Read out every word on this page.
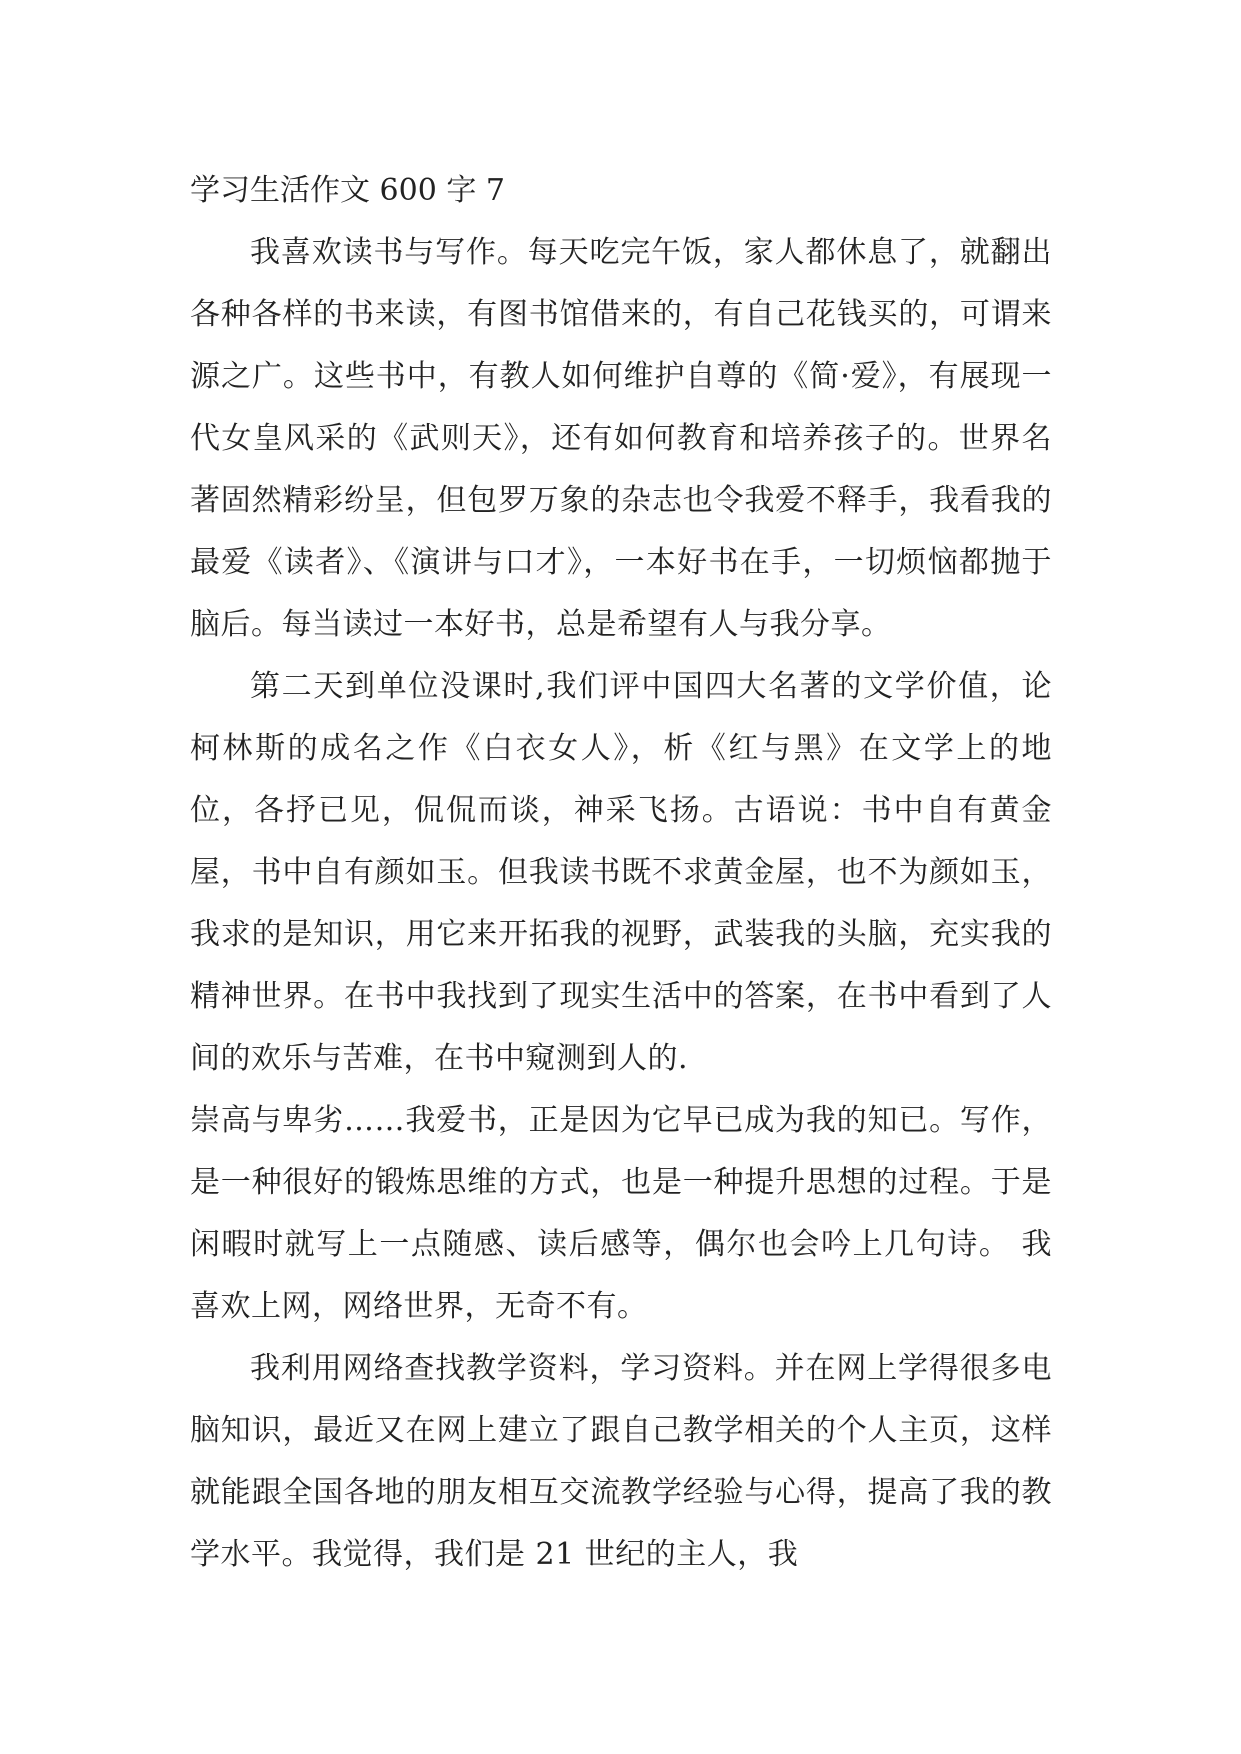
学习生活作文 600 字 7

我喜欢读书与写作。每天吃完午饭，家人都休息了，就翻出各种各样的书来读，有图书馆借来的，有自己花钱买的，可谓来源之广。这些书中，有教人如何维护自尊的《简·爱》，有展现一代女皇风采的《武则天》，还有如何教育和培养孩子的。世界名著固然精彩纷呈，但包罗万象的杂志也令我爱不释手，我看我的最爱《读者》、《演讲与口才》，一本好书在手，一切烦恼都抛于脑后。每当读过一本好书，总是希望有人与我分享。

第二天到单位没课时,我们评中国四大名著的文学价值，论柯林斯的成名之作《白衣女人》，析《红与黑》在文学上的地位，各抒已见，侃侃而谈，神采飞扬。古语说：书中自有黄金屋，书中自有颜如玉。但我读书既不求黄金屋，也不为颜如玉，我求的是知识，用它来开拓我的视野，武装我的头脑，充实我的精神世界。在书中我找到了现实生活中的答案，在书中看到了人间的欢乐与苦难，在书中窥测到人的.

崇高与卑劣……我爱书，正是因为它早已成为我的知已。写作，是一种很好的锻炼思维的方式，也是一种提升思想的过程。于是闲暇时就写上一点随感、读后感等，偶尔也会吟上几句诗。 我喜欢上网，网络世界，无奇不有。

我利用网络查找教学资料，学习资料。并在网上学得很多电脑知识，最近又在网上建立了跟自己教学相关的个人主页，这样就能跟全国各地的朋友相互交流教学经验与心得，提高了我的教学水平。我觉得，我们是 21 世纪的主人，我
